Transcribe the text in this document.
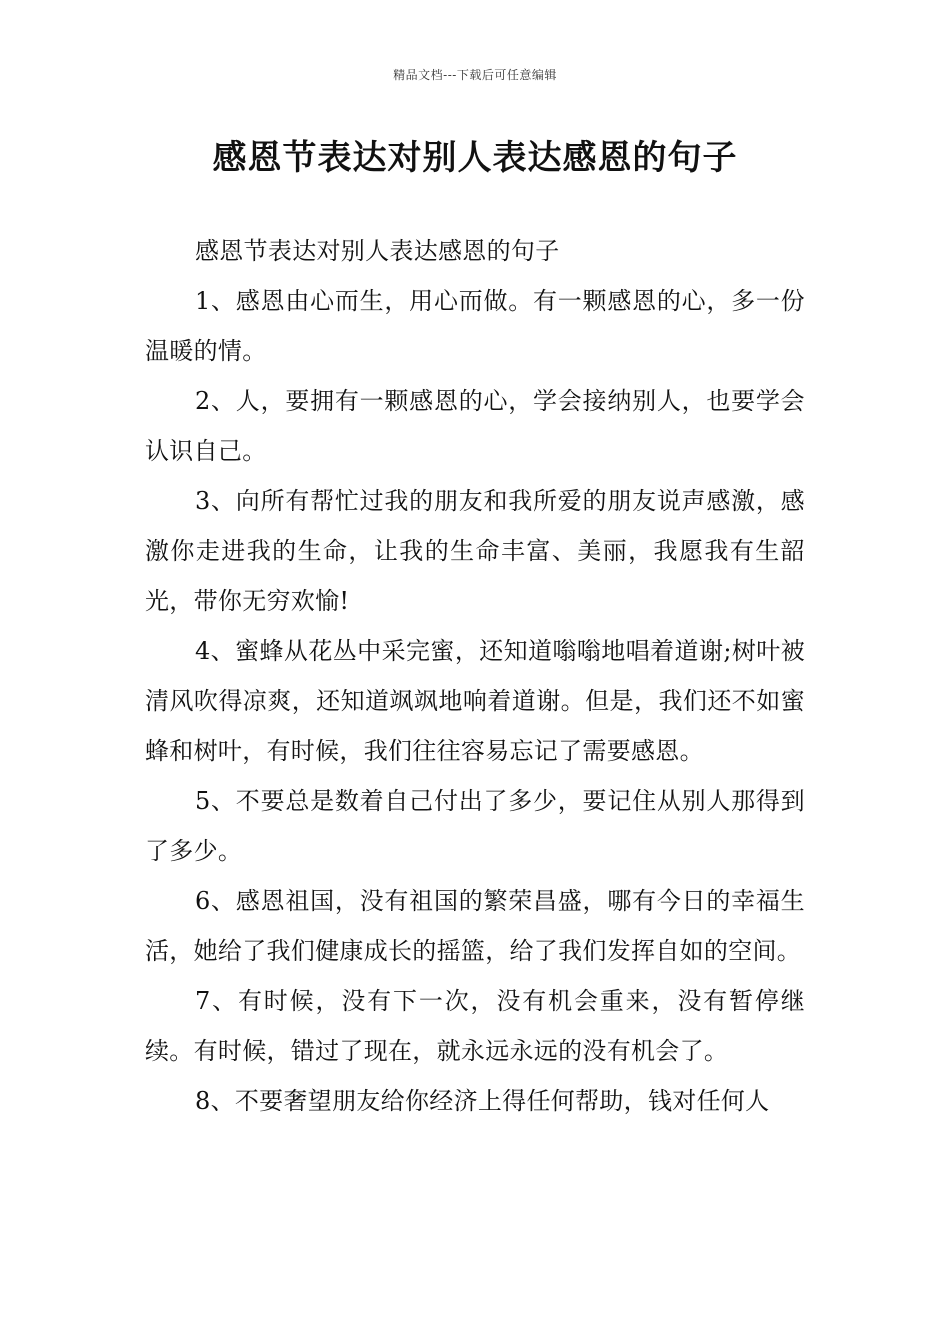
精品文档---下载后可任意编辑
感恩节表达对别人表达感恩的句子

感恩节表达对别人表达感恩的句子

1、感恩由心而生，用心而做。有一颗感恩的心，多一份温暖的情。

2、人，要拥有一颗感恩的心，学会接纳别人，也要学会认识自己。

3、向所有帮忙过我的朋友和我所爱的朋友说声感激，感激你走进我的生命，让我的生命丰富、美丽，我愿我有生韶光，带你无穷欢愉!

4、蜜蜂从花丛中采完蜜，还知道嗡嗡地唱着道谢;树叶被清风吹得凉爽，还知道飒飒地响着道谢。但是，我们还不如蜜蜂和树叶，有时候，我们往往容易忘记了需要感恩。

5、不要总是数着自己付出了多少，要记住从别人那得到了多少。

6、感恩祖国，没有祖国的繁荣昌盛，哪有今日的幸福生活，她给了我们健康成长的摇篮，给了我们发挥自如的空间。

7、有时候，没有下一次，没有机会重来，没有暂停继续。有时候，错过了现在，就永远永远的没有机会了。

8、不要奢望朋友给你经济上得任何帮助，钱对任何人
